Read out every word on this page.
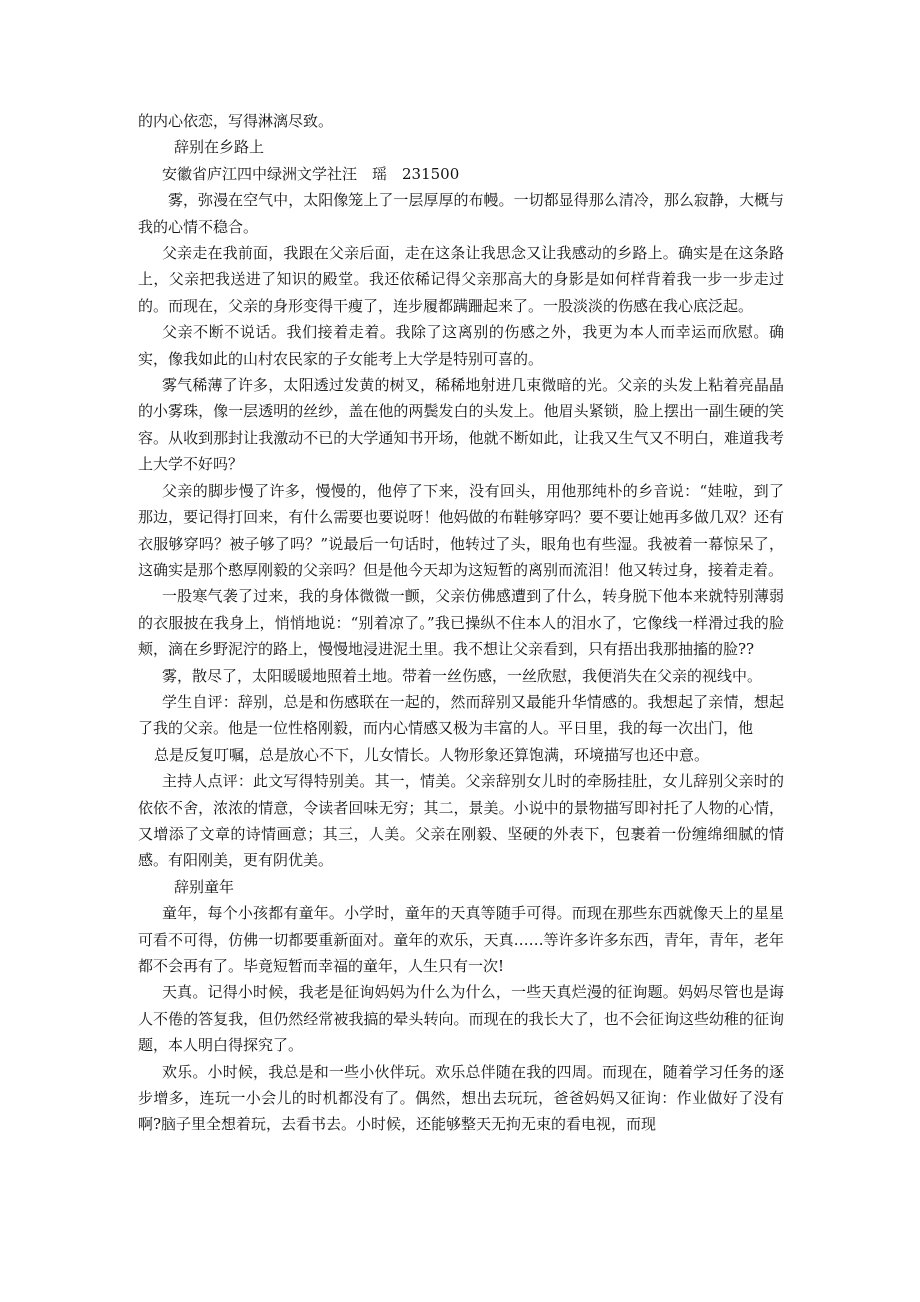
的内心依恋，写得淋漓尽致。

辞别在乡路上

安徽省庐江四中绿洲文学社汪　瑶　231500

雾，弥漫在空气中，太阳像笼上了一层厚厚的布幔。一切都显得那么清冷，那么寂静，大概与我的心情不稳合。

父亲走在我前面，我跟在父亲后面，走在这条让我思念又让我感动的乡路上。确实是在这条路上，父亲把我送进了知识的殿堂。我还依稀记得父亲那高大的身影是如何样背着我一步一步走过的。而现在，父亲的身形变得干瘦了，连步履都蹒跚起来了。一股淡淡的伤感在我心底泛起。

父亲不断不说话。我们接着走着。我除了这离别的伤感之外，我更为本人而幸运而欣慰。确实，像我如此的山村农民家的子女能考上大学是特别可喜的。

雾气稀薄了许多，太阳透过发黄的树叉，稀稀地射进几束微暗的光。父亲的头发上粘着亮晶晶的小雾珠，像一层透明的丝纱，盖在他的两鬓发白的头发上。他眉头紧锁，脸上摆出一副生硬的笑容。从收到那封让我激动不已的大学通知书开场，他就不断如此，让我又生气又不明白，难道我考上大学不好吗？

父亲的脚步慢了许多，慢慢的，他停了下来，没有回头，用他那纯朴的乡音说：“娃啦，到了那边，要记得打回来，有什么需要也要说呀！他妈做的布鞋够穿吗？要不要让她再多做几双？还有衣服够穿吗？被子够了吗？”说最后一句话时，他转过了头，眼角也有些湿。我被着一幕惊呆了，这确实是那个憨厚刚毅的父亲吗？但是他今天却为这短暂的离别而流泪！他又转过身，接着走着。

一股寒气袭了过来，我的身体微微一颤，父亲仿佛感遭到了什么，转身脱下他本来就特别薄弱的衣服披在我身上，悄悄地说：“别着凉了。”我已操纵不住本人的泪水了，它像线一样滑过我的脸颊，滴在乡野泥泞的路上，慢慢地浸进泥土里。我不想让父亲看到，只有捂出我那抽搐的脸??

雾，散尽了，太阳暖暖地照着土地。带着一丝伤感，一丝欣慰，我便消失在父亲的视线中。

学生自评：辞别，总是和伤感联在一起的，然而辞别又最能升华情感的。我想起了亲情，想起了我的父亲。他是一位性格刚毅，而内心情感又极为丰富的人。平日里，我的每一次出门，他

总是反复叮嘱，总是放心不下，儿女情长。人物形象还算饱满，环境描写也还中意。

主持人点评：此文写得特别美。其一，情美。父亲辞别女儿时的牵肠挂肚，女儿辞别父亲时的依依不舍，浓浓的情意，令读者回味无穷；其二，景美。小说中的景物描写即衬托了人物的心情，又增添了文章的诗情画意；其三，人美。父亲在刚毅、坚硬的外表下，包裹着一份缠绵细腻的情感。有阳刚美，更有阴优美。

辞别童年

童年，每个小孩都有童年。小学时，童年的天真等随手可得。而现在那些东西就像天上的星星可看不可得，仿佛一切都要重新面对。童年的欢乐，天真……等许多许多东西，青年，青年，老年都不会再有了。毕竟短暂而幸福的童年，人生只有一次!

天真。记得小时候，我老是征询妈妈为什么为什么，一些天真烂漫的征询题。妈妈尽管也是诲人不倦的答复我，但仍然经常被我搞的晕头转向。而现在的我长大了，也不会征询这些幼稚的征询题，本人明白得探究了。

欢乐。小时候，我总是和一些小伙伴玩。欢乐总伴随在我的四周。而现在，随着学习任务的逐步增多，连玩一小会儿的时机都没有了。偶然，想出去玩玩，爸爸妈妈又征询：作业做好了没有啊?脑子里全想着玩，去看书去。小时候，还能够整天无拘无束的看电视，而现
